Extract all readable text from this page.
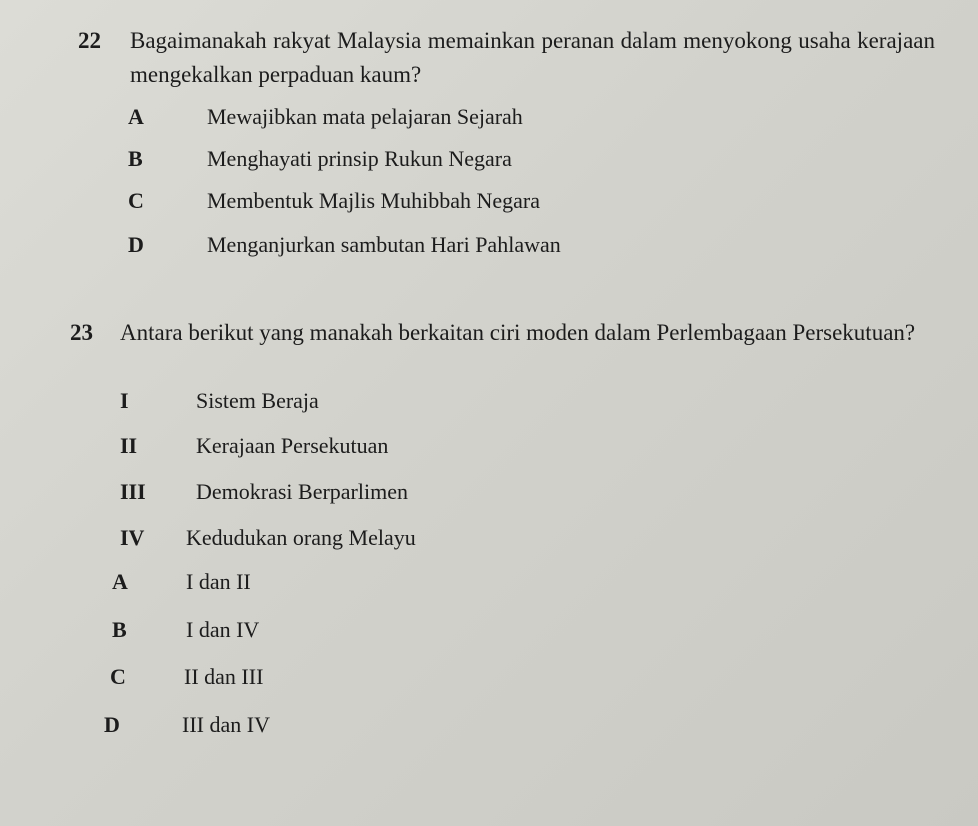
22 Bagaimanakah rakyat Malaysia memainkan peranan dalam menyokong usaha kerajaan mengekalkan perpaduan kaum?
A	Mewajibkan mata pelajaran Sejarah
B	Menghayati prinsip Rukun Negara
C	Membentuk Majlis Muhibbah Negara
D	Menganjurkan sambutan Hari Pahlawan
23 Antara berikut yang manakah berkaitan ciri moden dalam Perlembagaan Persekutuan?
I	Sistem Beraja
II	Kerajaan Persekutuan
III Demokrasi Berparlimen
IV Kedudukan orang Melayu
A	I dan II
B	I dan IV
C	II dan III
D	III dan IV
